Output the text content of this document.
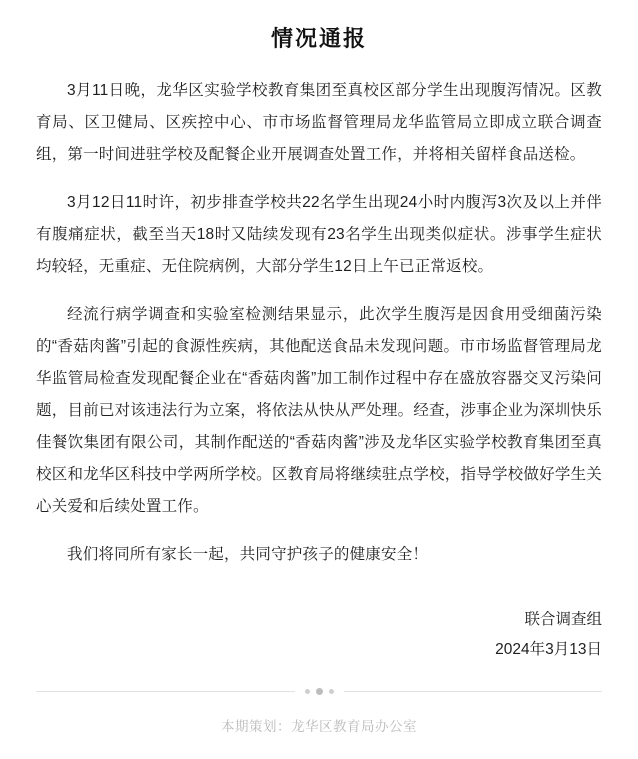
情况通报

3月11日晚，龙华区实验学校教育集团至真校区部分学生出现腹泻情况。区教育局、区卫健局、区疾控中心、市市场监督管理局龙华监管局立即成立联合调查组，第一时间进驻学校及配餐企业开展调查处置工作，并将相关留样食品送检。

3月12日11时许，初步排查学校共22名学生出现24小时内腹泻3次及以上并伴有腹痛症状，截至当天18时又陆续发现有23名学生出现类似症状。涉事学生症状均较轻，无重症、无住院病例，大部分学生12日上午已正常返校。

经流行病学调查和实验室检测结果显示，此次学生腹泻是因食用受细菌污染的“香菇肉酱”引起的食源性疾病，其他配送食品未发现问题。市市场监督管理局龙华监管局检查发现配餐企业在“香菇肉酱”加工制作过程中存在盛放容器交叉污染问题，目前已对该违法行为立案，将依法从快从严处理。经查，涉事企业为深圳快乐佳餐饮集团有限公司，其制作配送的“香菇肉酱”涉及龙华区实验学校教育集团至真校区和龙华区科技中学两所学校。区教育局将继续驻点学校，指导学校做好学生关心关爱和后续处置工作。

我们将同所有家长一起，共同守护孩子的健康安全！

联合调查组
2024年3月13日
本期策划：龙华区教育局办公室
